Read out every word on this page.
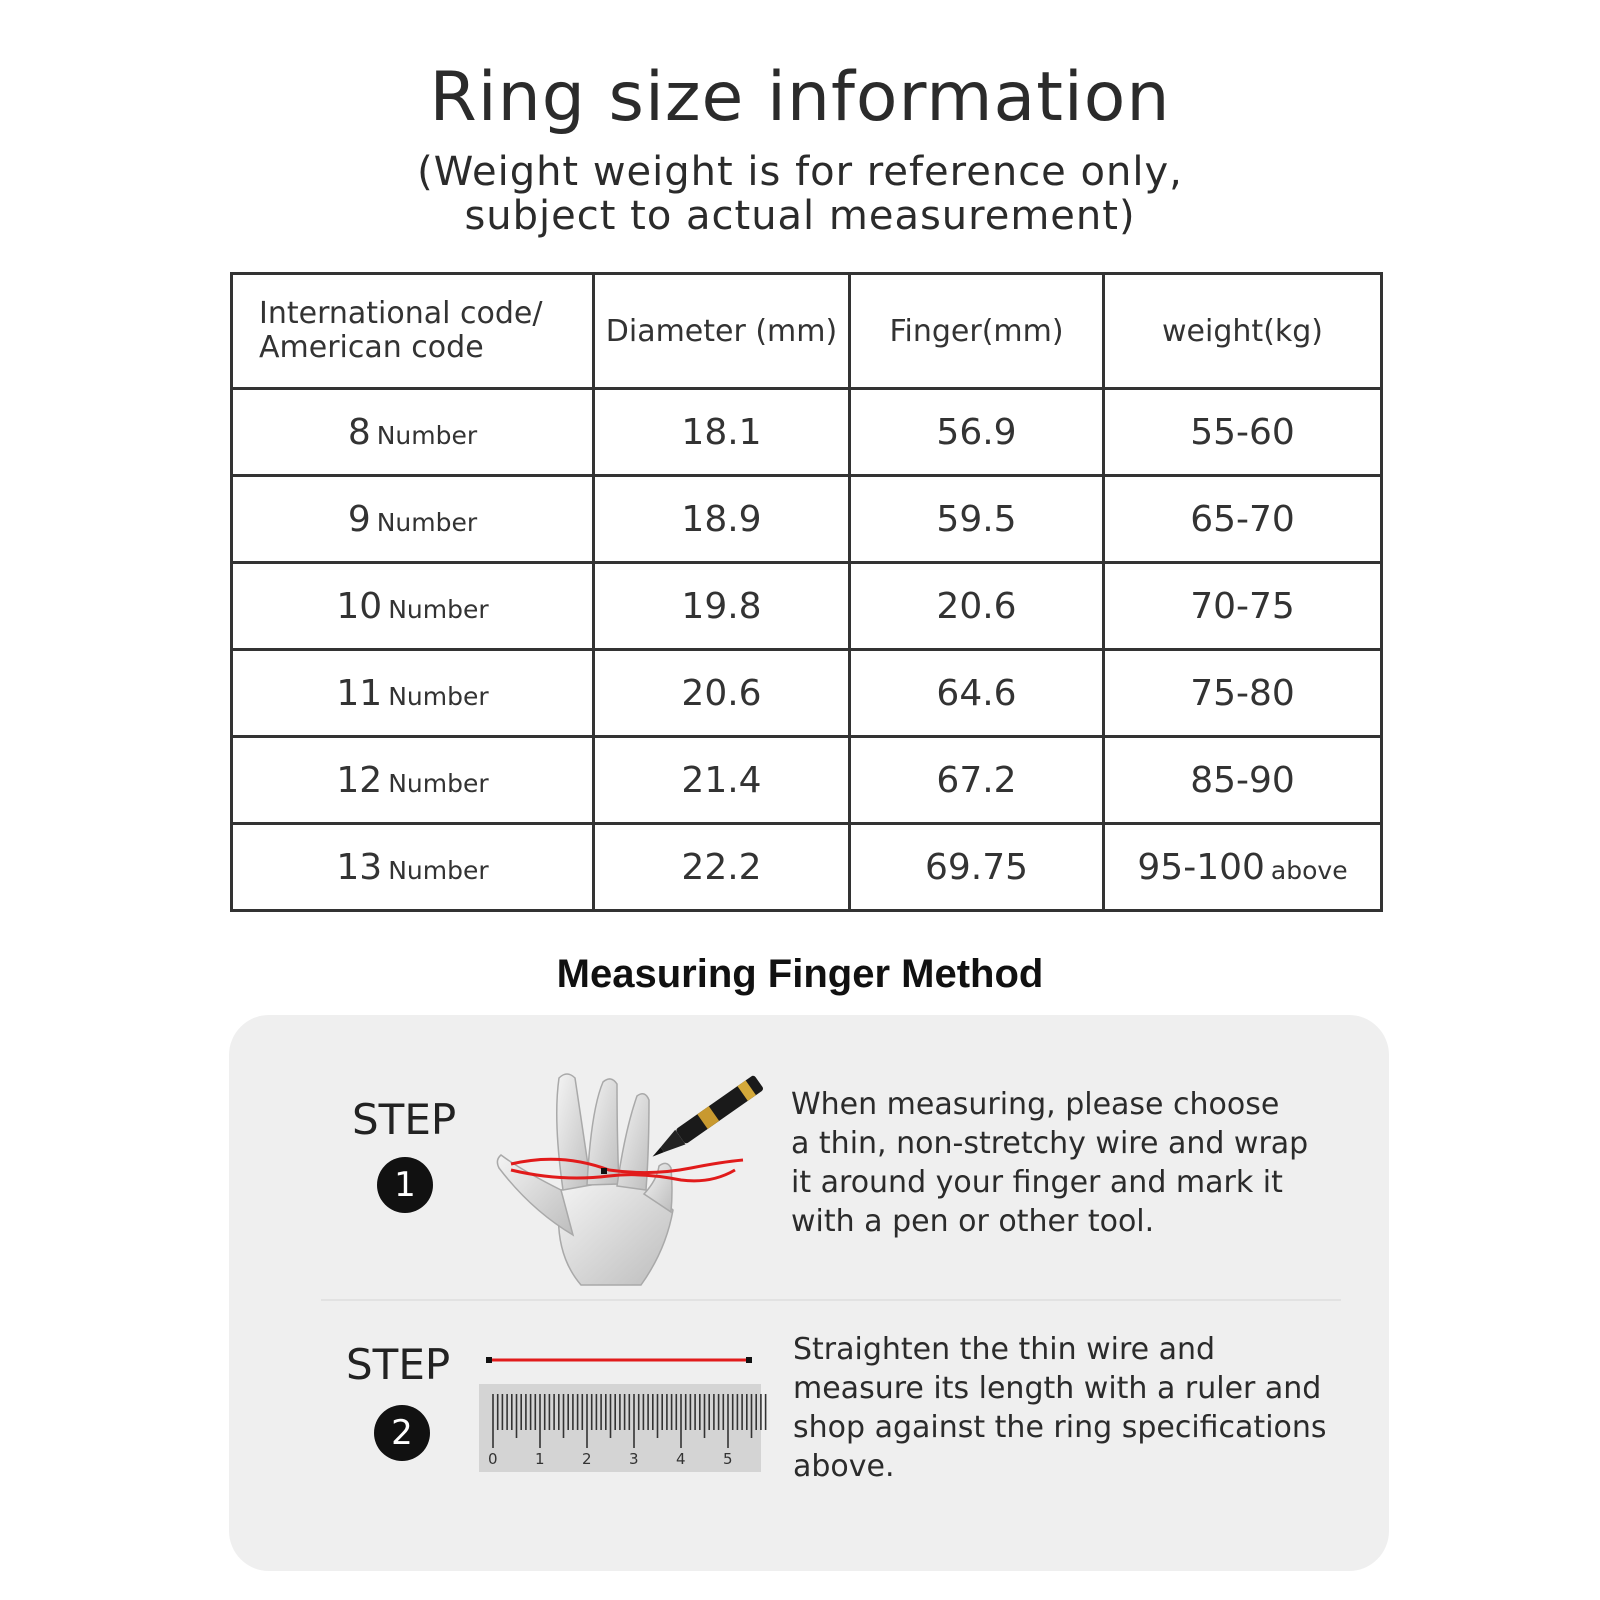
Ring size information
(Weight weight is for reference only,
subject to actual measurement)
International code/
American code	Diameter (mm)	Finger(mm)	weight(kg)
8 Number	18.1	56.9	55-60
9 Number	18.9	59.5	65-70
10 Number	19.8	20.6	70-75
11 Number	20.6	64.6	75-80
12 Number	21.4	67.2	85-90
13 Number	22.2	69.75	95-100 above
Measuring Finger Method
STEP
1
When measuring, please choose
a thin, non-stretchy wire and wrap
it around your finger and mark it
with a pen or other tool.
STEP
2
0 1 2 3 4 5
Straighten the thin wire and
measure its length with a ruler and
shop against the ring specifications
above.
